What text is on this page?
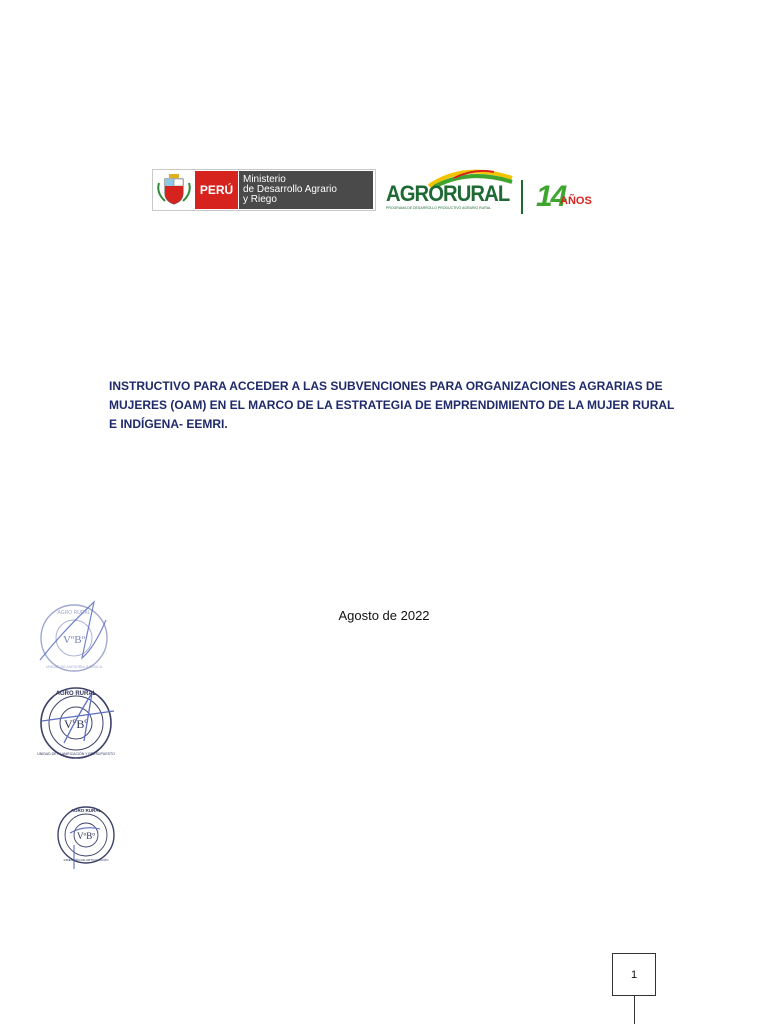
PERÚ
Ministerio
de Desarrollo Agrario
y Riego	AGRORURAL
PROGRAMA DE DESARROLLO PRODUCTIVO AGRARIO RURAL 14
AÑOS

INSTRUCTIVO PARA ACCEDER A LAS SUBVENCIONES PARA ORGANIZACIONES AGRARIAS DE

MUJERES (OAM) EN EL MARCO DE LA ESTRATEGIA DE EMPRENDIMIENTO DE LA MUJER RURAL

E INDÍGENA- EEMRI.

Agosto de 2022
VºBº
AGRO RURAL
UNIDAD DE ASESORÍA JURÍDICA
VºBº
AGRO RURAL
UNIDAD DE PLANIFICACIÓN Y PRESUPUESTO
VºBº
AGRO RURAL
DIRECCIÓN DE ARTICULACIÓN
1
